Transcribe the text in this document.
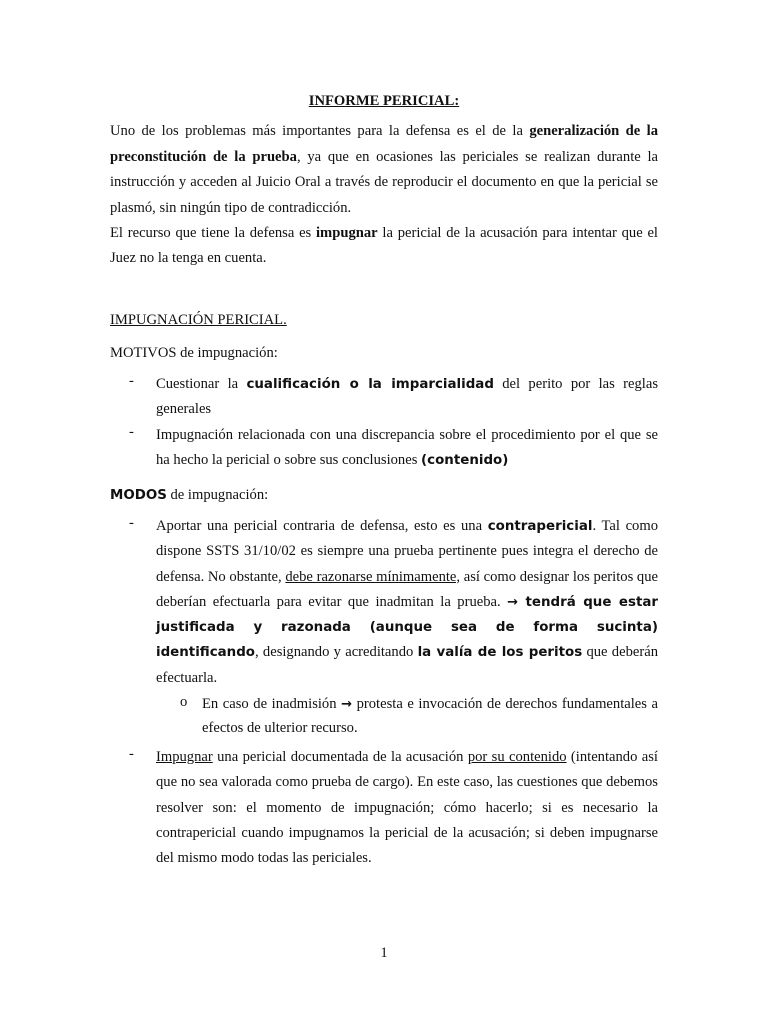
INFORME PERICIAL:
Uno de los problemas más importantes para la defensa es el de la generalización de la preconstitución de la prueba, ya que en ocasiones las periciales se realizan durante la instrucción y acceden al Juicio Oral a través de reproducir el documento en que la pericial se plasmó, sin ningún tipo de contradicción.
El recurso que tiene la defensa es impugnar la pericial de la acusación para intentar que el Juez no la tenga en cuenta.
IMPUGNACIÓN PERICIAL.
MOTIVOS de impugnación:
-	Cuestionar la cualificación o la imparcialidad del perito por las reglas generales
-	Impugnación relacionada con una discrepancia sobre el procedimiento por el que se ha hecho la pericial o sobre sus conclusiones (contenido)
MODOS de impugnación:
-	Aportar una pericial contraria de defensa, esto es una contrapericial. Tal como dispone SSTS 31/10/02 es siempre una prueba pertinente pues integra el derecho de defensa. No obstante, debe razonarse mínimamente, así como designar los peritos que deberían efectuarla para evitar que inadmitan la prueba. → tendrá que estar justificada y razonada (aunque sea de forma sucinta) identificando, designando y acreditando la valía de los peritos que deberán efectuarla.
o En caso de inadmisión → protesta e invocación de derechos fundamentales a efectos de ulterior recurso.
-	Impugnar una pericial documentada de la acusación por su contenido (intentando así que no sea valorada como prueba de cargo). En este caso, las cuestiones que debemos resolver son: el momento de impugnación; cómo hacerlo; si es necesario la contrapericial cuando impugnamos la pericial de la acusación; si deben impugnarse del mismo modo todas las periciales.
1
